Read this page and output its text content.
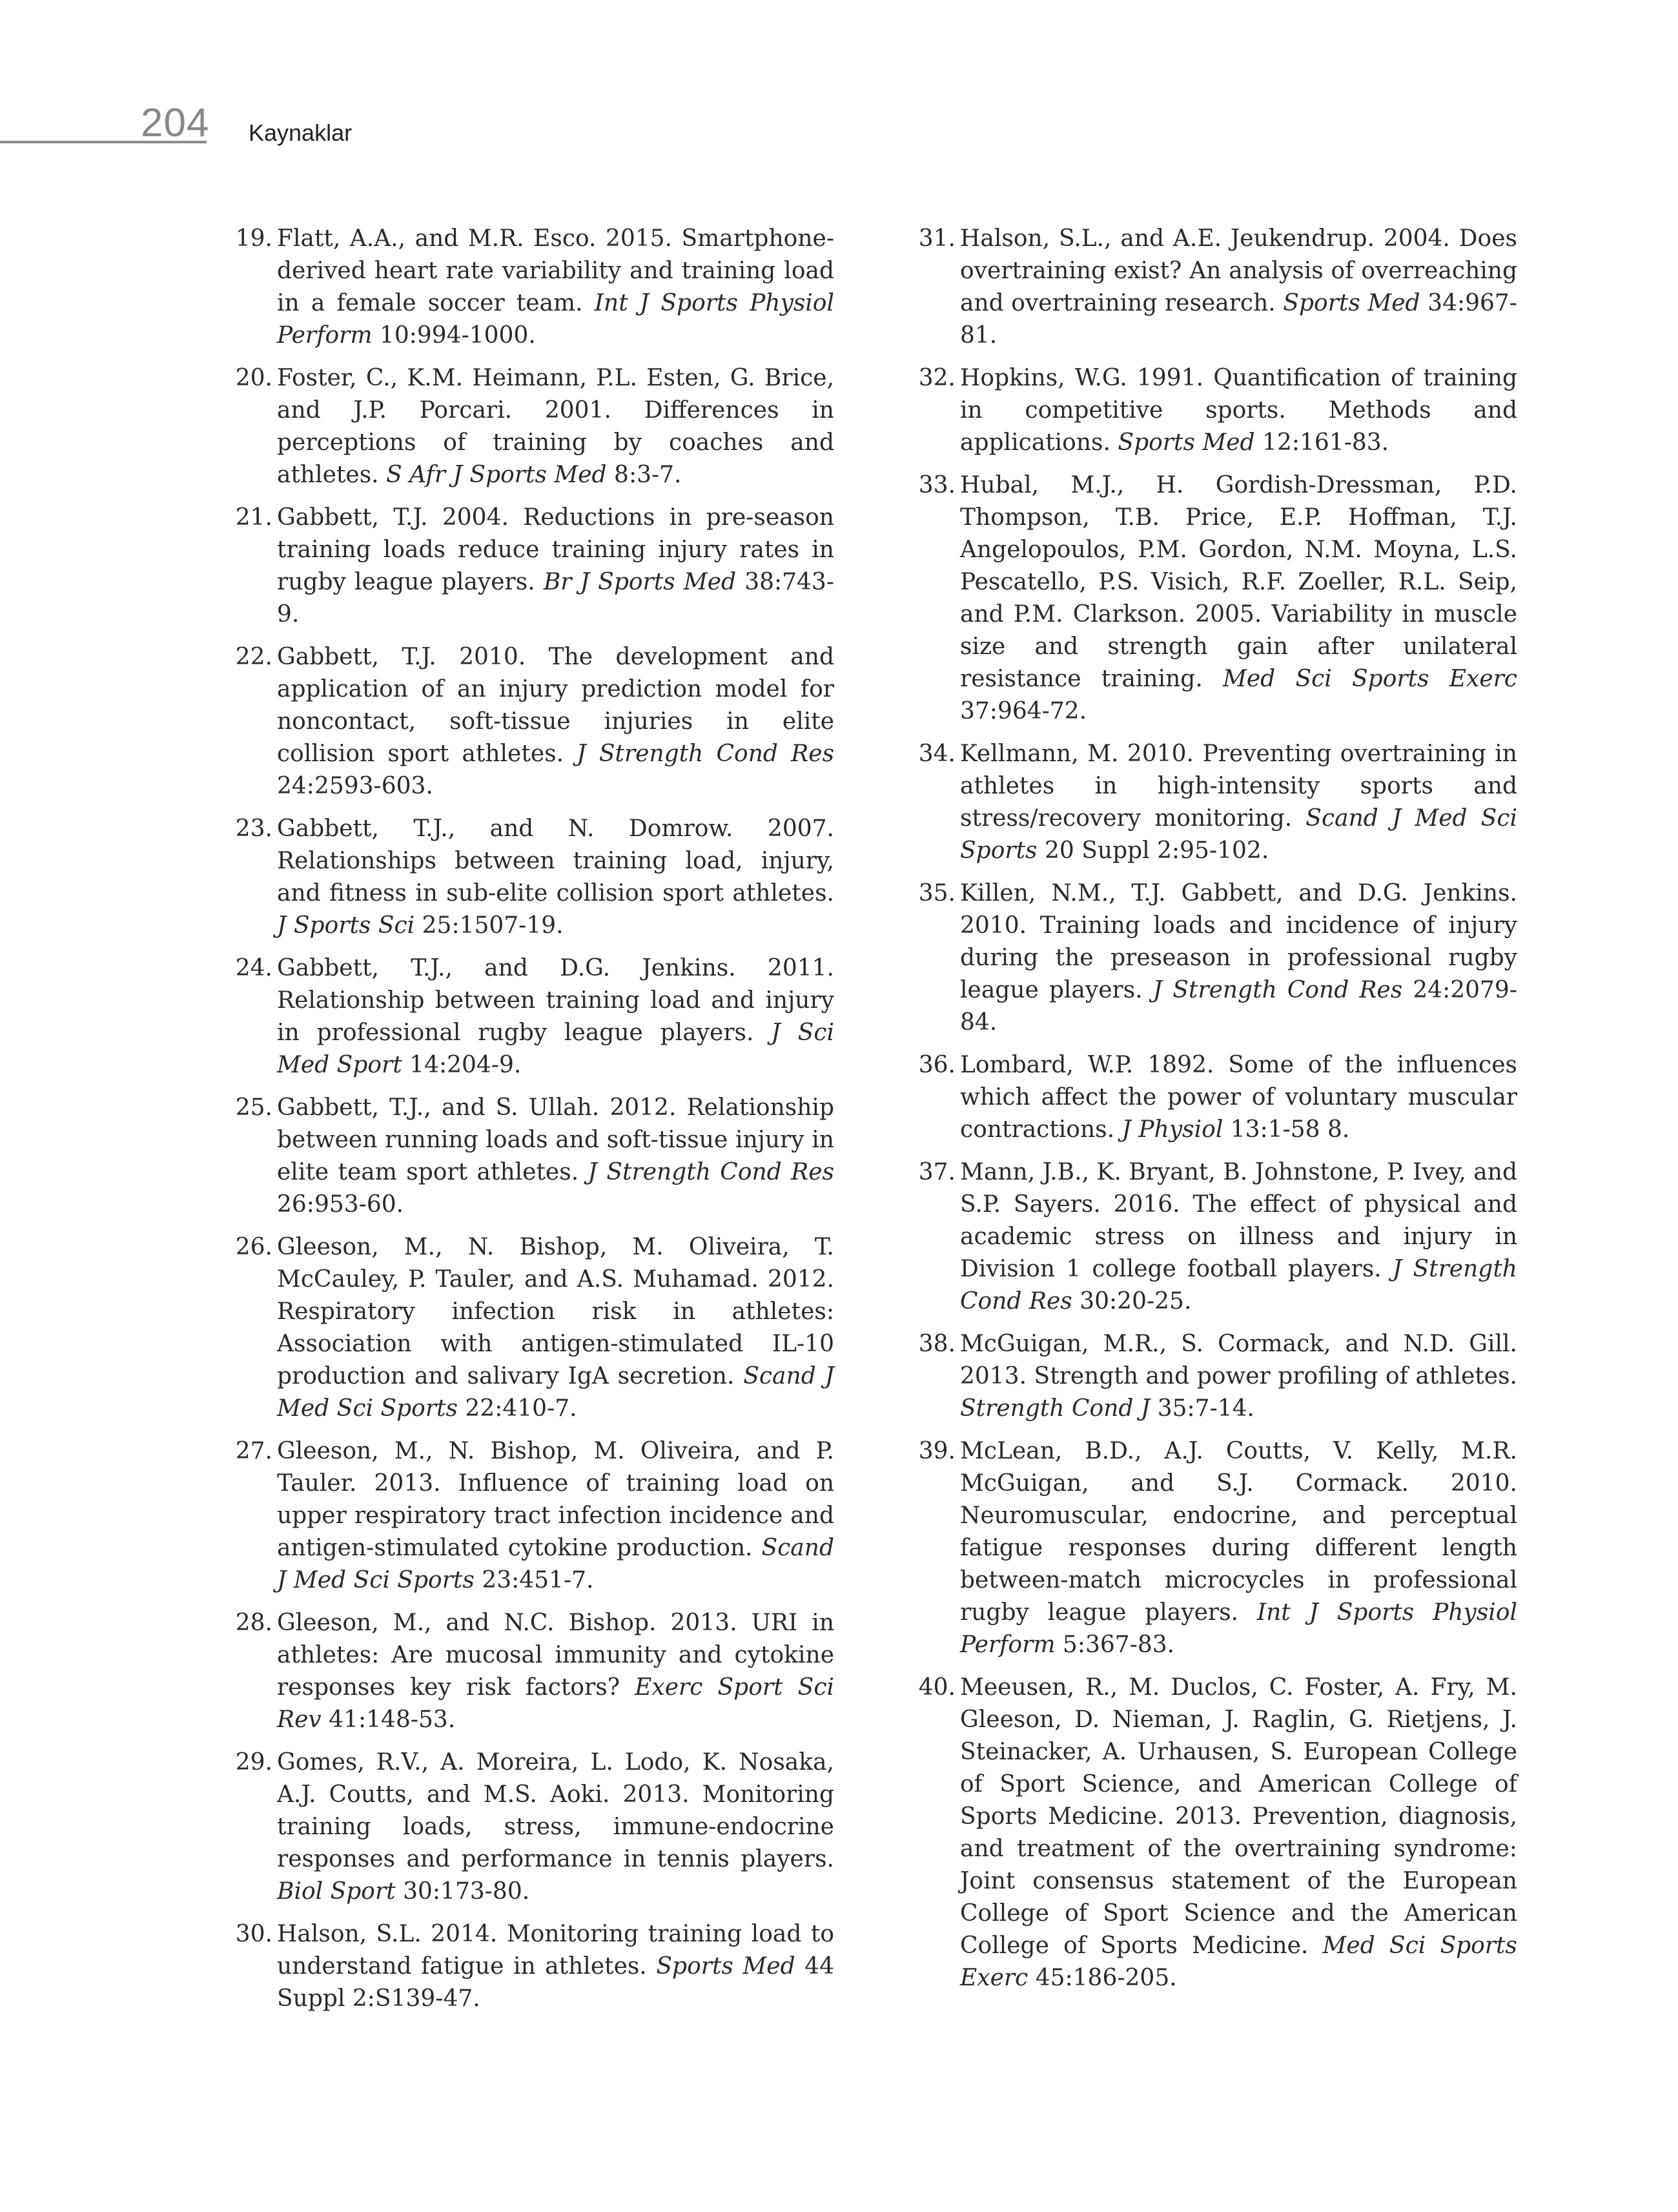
204 Kaynaklar
19. Flatt, A.A., and M.R. Esco. 2015. Smartphone-derived heart rate variability and training load in a female soccer team. Int J Sports Physiol Perform 10:994-1000.
20. Foster, C., K.M. Heimann, P.L. Esten, G. Brice, and J.P. Porcari. 2001. Differences in perceptions of training by coaches and athletes. S Afr J Sports Med 8:3-7.
21. Gabbett, T.J. 2004. Reductions in pre-season training loads reduce training injury rates in rugby league players. Br J Sports Med 38:743-9.
22. Gabbett, T.J. 2010. The development and application of an injury prediction model for noncontact, soft-tissue injuries in elite collision sport athletes. J Strength Cond Res 24:2593-603.
23. Gabbett, T.J., and N. Domrow. 2007. Relationships between training load, injury, and fitness in sub-elite collision sport athletes. J Sports Sci 25:1507-19.
24. Gabbett, T.J., and D.G. Jenkins. 2011. Relationship between training load and injury in professional rugby league players. J Sci Med Sport 14:204-9.
25. Gabbett, T.J., and S. Ullah. 2012. Relationship between running loads and soft-tissue injury in elite team sport athletes. J Strength Cond Res 26:953-60.
26. Gleeson, M., N. Bishop, M. Oliveira, T. McCauley, P. Tauler, and A.S. Muhamad. 2012. Respiratory infection risk in athletes: Association with antigen-stimulated IL-10 production and salivary IgA secretion. Scand J Med Sci Sports 22:410-7.
27. Gleeson, M., N. Bishop, M. Oliveira, and P. Tauler. 2013. Influence of training load on upper respiratory tract infection incidence and antigen-stimulated cytokine production. Scand J Med Sci Sports 23:451-7.
28. Gleeson, M., and N.C. Bishop. 2013. URI in athletes: Are mucosal immunity and cytokine responses key risk factors? Exerc Sport Sci Rev 41:148-53.
29. Gomes, R.V., A. Moreira, L. Lodo, K. Nosaka, A.J. Coutts, and M.S. Aoki. 2013. Monitoring training loads, stress, immune-endocrine responses and performance in tennis players. Biol Sport 30:173-80.
30. Halson, S.L. 2014. Monitoring training load to understand fatigue in athletes. Sports Med 44 Suppl 2:S139-47.
31. Halson, S.L., and A.E. Jeukendrup. 2004. Does overtraining exist? An analysis of overreaching and overtraining research. Sports Med 34:967-81.
32. Hopkins, W.G. 1991. Quantification of training in competitive sports. Methods and applications. Sports Med 12:161-83.
33. Hubal, M.J., H. Gordish-Dressman, P.D. Thompson, T.B. Price, E.P. Hoffman, T.J. Angelopoulos, P.M. Gordon, N.M. Moyna, L.S. Pescatello, P.S. Visich, R.F. Zoeller, R.L. Seip, and P.M. Clarkson. 2005. Variability in muscle size and strength gain after unilateral resistance training. Med Sci Sports Exerc 37:964-72.
34. Kellmann, M. 2010. Preventing overtraining in athletes in high-intensity sports and stress/recovery monitoring. Scand J Med Sci Sports 20 Suppl 2:95-102.
35. Killen, N.M., T.J. Gabbett, and D.G. Jenkins. 2010. Training loads and incidence of injury during the preseason in professional rugby league players. J Strength Cond Res 24:2079-84.
36. Lombard, W.P. 1892. Some of the influences which affect the power of voluntary muscular contractions. J Physiol 13:1-58 8.
37. Mann, J.B., K. Bryant, B. Johnstone, P. Ivey, and S.P. Sayers. 2016. The effect of physical and academic stress on illness and injury in Division 1 college football players. J Strength Cond Res 30:20-25.
38. McGuigan, M.R., S. Cormack, and N.D. Gill. 2013. Strength and power profiling of athletes. Strength Cond J 35:7-14.
39. McLean, B.D., A.J. Coutts, V. Kelly, M.R. McGuigan, and S.J. Cormack. 2010. Neuromuscular, endocrine, and perceptual fatigue responses during different length between-match microcycles in professional rugby league players. Int J Sports Physiol Perform 5:367-83.
40. Meeusen, R., M. Duclos, C. Foster, A. Fry, M. Gleeson, D. Nieman, J. Raglin, G. Rietjens, J. Steinacker, A. Urhausen, S. European College of Sport Science, and American College of Sports Medicine. 2013. Prevention, diagnosis, and treatment of the overtraining syndrome: Joint consensus statement of the European College of Sport Science and the American College of Sports Medicine. Med Sci Sports Exerc 45:186-205.
